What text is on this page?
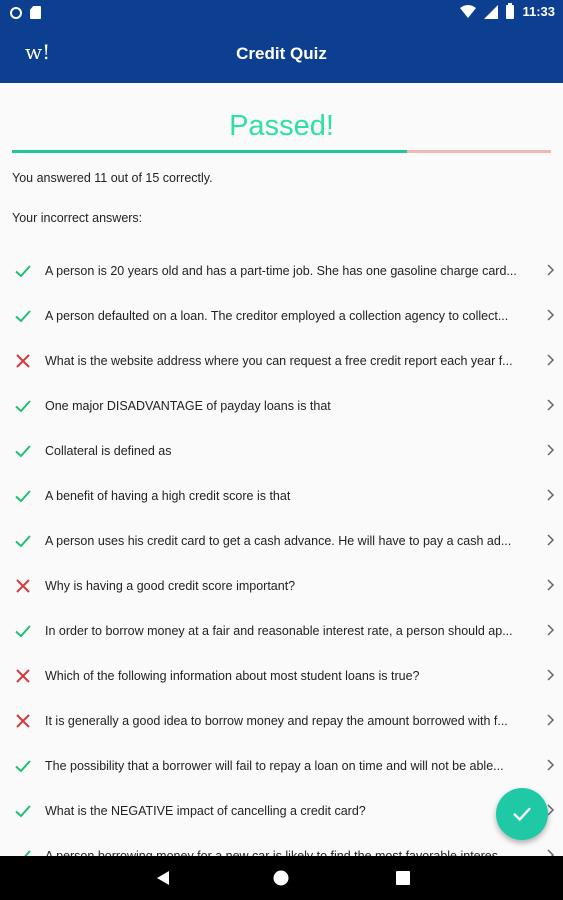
11:33
w!	Credit Quiz
Passed!
You answered 11 out of 15 correctly.
Your incorrect answers:
A person is 20 years old and has a part-time job. She has one gasoline charge card...
A person defaulted on a loan. The creditor employed a collection agency to collect...
What is the website address where you can request a free credit report each year f...
One major DISADVANTAGE of payday loans is that
Collateral is defined as
A benefit of having a high credit score is that
A person uses his credit card to get a cash advance. He will have to pay a cash ad...
Why is having a good credit score important?
In order to borrow money at a fair and reasonable interest rate, a person should ap...
Which of the following information about most student loans is true?
It is generally a good idea to borrow money and repay the amount borrowed with f...
The possibility that a borrower will fail to repay a loan on time and will not be able...
What is the NEGATIVE impact of cancelling a credit card?
